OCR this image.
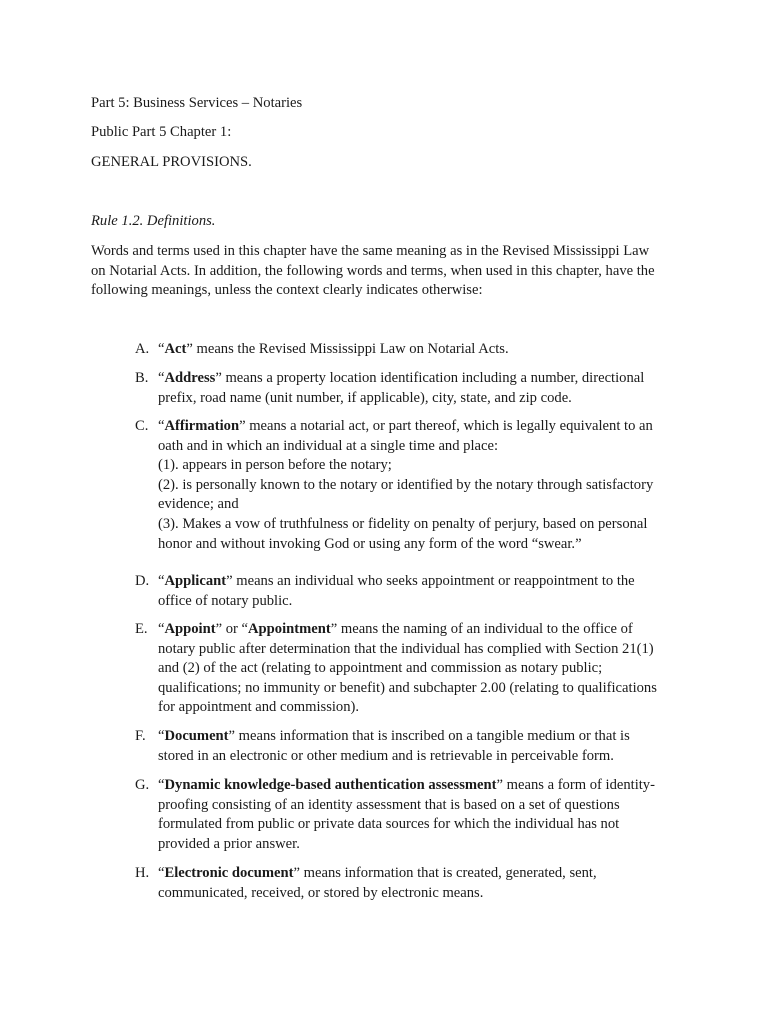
Part 5: Business Services – Notaries

Public Part 5 Chapter 1:

GENERAL PROVISIONS.

Rule 1.2. Definitions.

Words and terms used in this chapter have the same meaning as in the Revised Mississippi Law
on Notarial Acts. In addition, the following words and terms, when used in this chapter, have the
following meanings, unless the context clearly indicates otherwise:

A. “Act” means the Revised Mississippi Law on Notarial Acts.
B. “Address” means a property location identification including a number, directional
prefix, road name (unit number, if applicable), city, state, and zip code.
C. “Affirmation” means a notarial act, or part thereof, which is legally equivalent to an
oath and in which an individual at a single time and place:
(1). appears in person before the notary;
(2). is personally known to the notary or identified by the notary through satisfactory
evidence; and
(3). Makes a vow of truthfulness or fidelity on penalty of perjury, based on personal
honor and without invoking God or using any form of the word “swear.”
D. “Applicant” means an individual who seeks appointment or reappointment to the
office of notary public.
E. “Appoint” or “Appointment” means the naming of an individual to the office of
notary public after determination that the individual has complied with Section 21(1)
and (2) of the act (relating to appointment and commission as notary public;
qualifications; no immunity or benefit) and subchapter 2.00 (relating to qualifications
for appointment and commission).
F. “Document” means information that is inscribed on a tangible medium or that is
stored in an electronic or other medium and is retrievable in perceivable form.
G. “Dynamic knowledge-based authentication assessment” means a form of identity-
proofing consisting of an identity assessment that is based on a set of questions
formulated from public or private data sources for which the individual has not
provided a prior answer.
H. “Electronic document” means information that is created, generated, sent,
communicated, received, or stored by electronic means.
